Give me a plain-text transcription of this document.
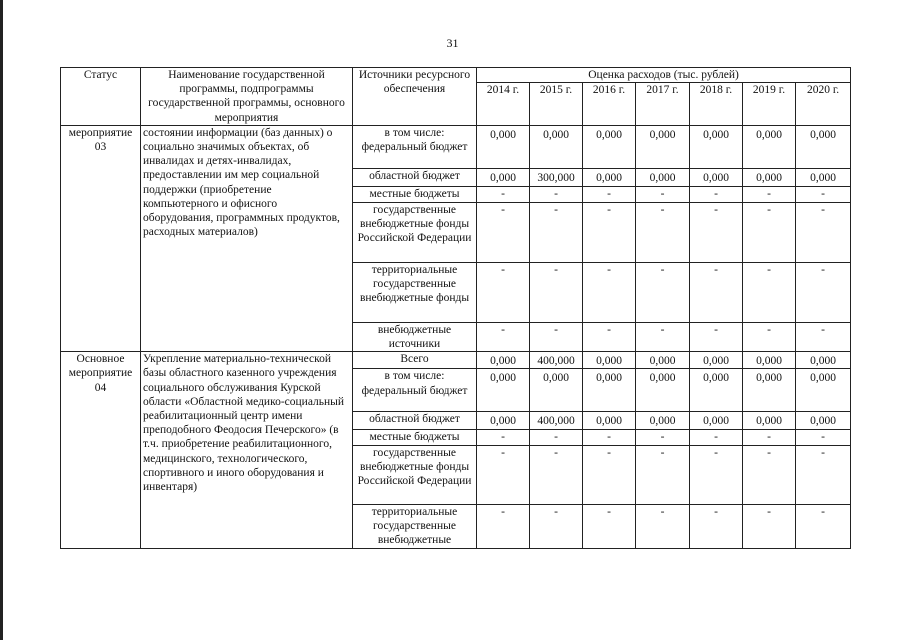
31
Статус	Наименование государственной программы, подпрограммы государственной программы, основного мероприятия	Источники ресурсного обеспечения	Оценка расходов (тыс. рублей)						
			2014 г.	2015 г.	2016 г.	2017 г.	2018 г.	2019 г.	2020 г.
мероприятие 03	состоянии информации (баз данных) о социально значимых объектах, об инвалидах и детях-инвалидах, предоставлении им мер социальной поддержки (приобретение компьютерного и офисного оборудования, программных продуктов, расходных материалов)	в том числе: федеральный бюджет	0,000	0,000	0,000	0,000	0,000	0,000	0,000
		областной бюджет	0,000	300,000	0,000	0,000	0,000	0,000	0,000
		местные бюджеты	-	-	-	-	-	-	-
		государственные внебюджетные фонды Российской Федерации	-	-	-	-	-	-	-
		территориальные государственные внебюджетные фонды	-	-	-	-	-	-	-
		внебюджетные источники	-	-	-	-	-	-	-
Основное мероприятие 04	Укрепление материально-технической базы областного казенного учреждения социального обслуживания Курской области «Областной медико-социальный реабилитационный центр имени преподобного Феодосия Печерского» (в т.ч. приобретение реабилитационного, медицинского, технологического, спортивного и иного оборудования и инвентаря)	Всего	0,000	400,000	0,000	0,000	0,000	0,000	0,000
		в том числе: федеральный бюджет	0,000	0,000	0,000	0,000	0,000	0,000	0,000
		областной бюджет	0,000	400,000	0,000	0,000	0,000	0,000	0,000
		местные бюджеты	-	-	-	-	-	-	-
		государственные внебюджетные фонды Российской Федерации	-	-	-	-	-	-	-
		территориальные государственные внебюджетные	-	-	-	-	-	-	-
